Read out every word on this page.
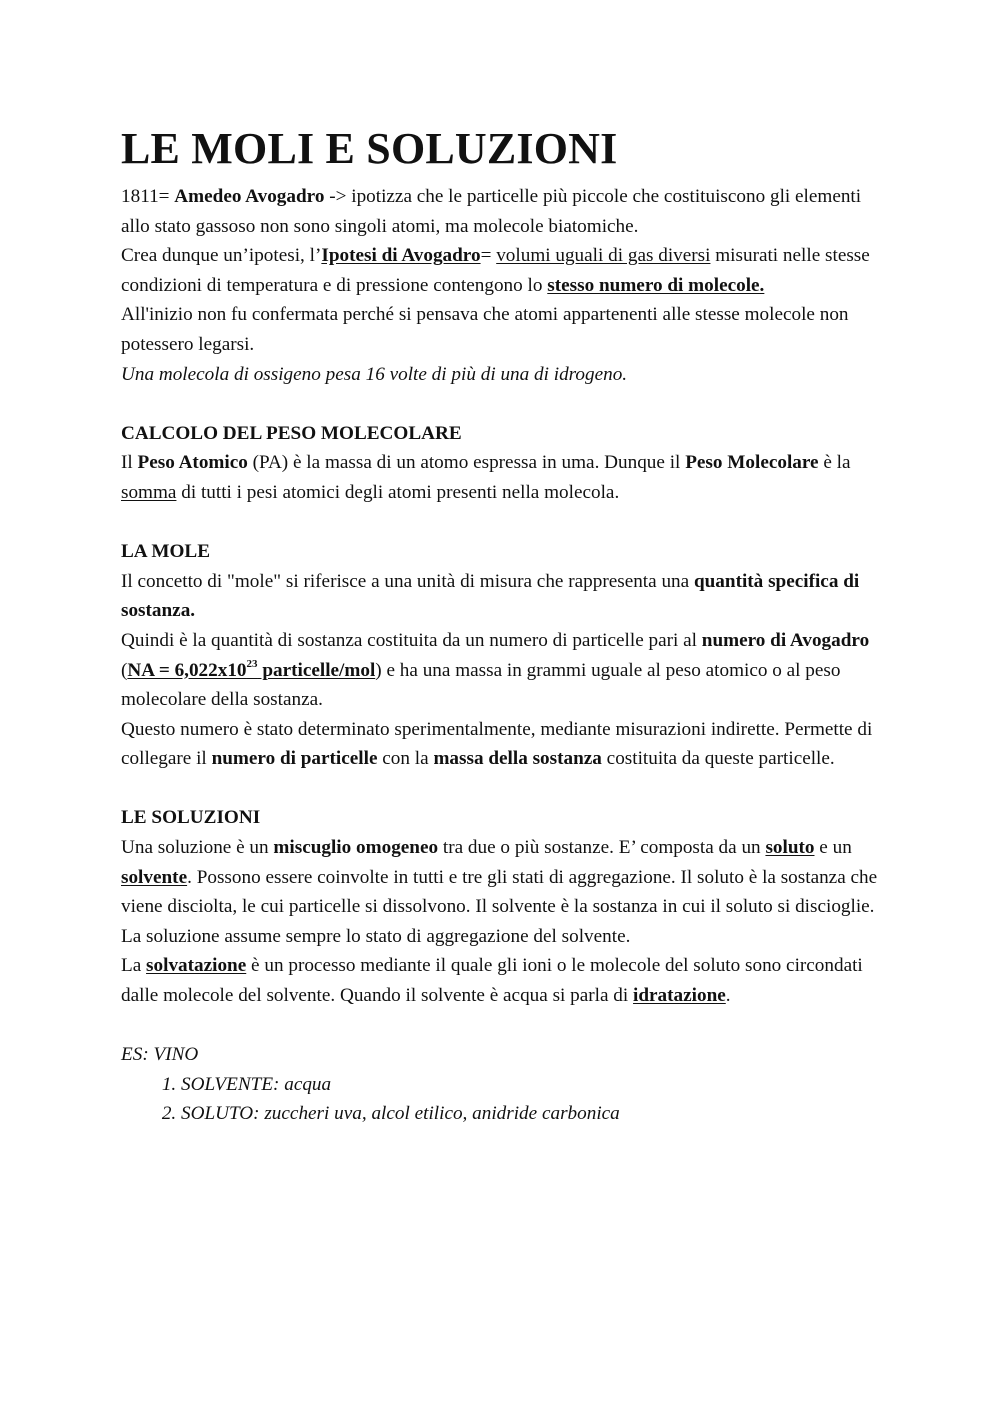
LE MOLI E SOLUZIONI

1811= Amedeo Avogadro -> ipotizza che le particelle più piccole che costituiscono gli elementi allo stato gassoso non sono singoli atomi, ma molecole biatomiche.

Crea dunque un’ipotesi, l’Ipotesi di Avogadro= volumi uguali di gas diversi misurati nelle stesse condizioni di temperatura e di pressione contengono lo stesso numero di molecole.

All'inizio non fu confermata perché si pensava che atomi appartenenti alle stesse molecole non potessero legarsi.

Una molecola di ossigeno pesa 16 volte di più di una di idrogeno.

CALCOLO DEL PESO MOLECOLARE

Il Peso Atomico (PA) è la massa di un atomo espressa in uma. Dunque il Peso Molecolare è la somma di tutti i pesi atomici degli atomi presenti nella molecola.

LA MOLE

Il concetto di "mole" si riferisce a una unità di misura che rappresenta una quantità specifica di sostanza.

Quindi è la quantità di sostanza costituita da un numero di particelle pari al numero di Avogadro ($NA = 6,022x10^{23}$ particelle/mol) e ha una massa in grammi uguale al peso atomico o al peso molecolare della sostanza.

Questo numero è stato determinato sperimentalmente, mediante misurazioni indirette. Permette di collegare il numero di particelle con la massa della sostanza costituita da queste particelle.

LE SOLUZIONI

Una soluzione è un miscuglio omogeneo tra due o più sostanze. E’ composta da un soluto e un solvente. Possono essere coinvolte in tutti e tre gli stati di aggregazione. Il soluto è la sostanza che viene disciolta, le cui particelle si dissolvono. Il solvente è la sostanza in cui il soluto si discioglie. La soluzione assume sempre lo stato di aggregazione del solvente.

La solvatazione è un processo mediante il quale gli ioni o le molecole del soluto sono circondati dalle molecole del solvente. Quando il solvente è acqua si parla di idratazione.

ES: VINO

1. SOLVENTE: acqua
2. SOLUTO: zuccheri uva, alcol etilico, anidride carbonica
